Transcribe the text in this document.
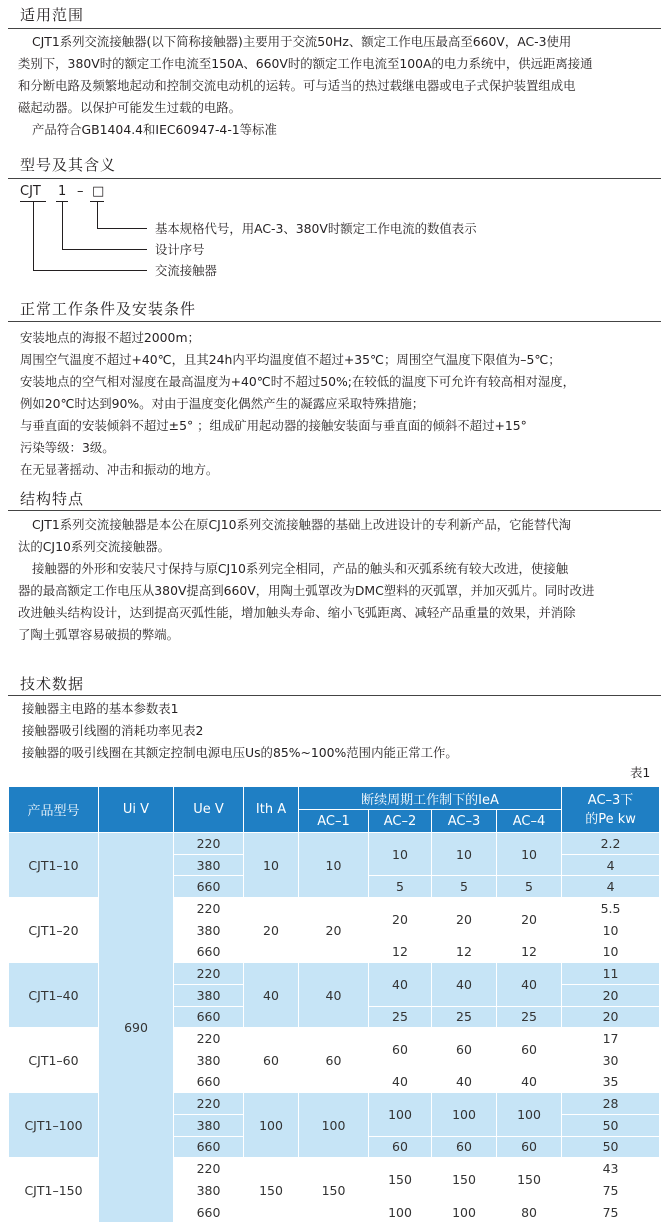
适用范围
CJT1系列交流接触器(以下简称接触器)主要用于交流50Hz、额定工作电压最高至660V，AC-3使用
类别下，380V时的额定工作电流至150A、660V时的额定工作电流至100A的电力系统中，供远距离接通
和分断电路及频繁地起动和控制交流电动机的运转。可与适当的热过载继电器或电子式保护装置组成电
磁起动器。以保护可能发生过载的电路。
产品符合GB1404.4和IEC60947-4-1等标准
型号及其含义
CJT 1 – □
基本规格代号，用AC-3、380V时额定工作电流的数值表示
设计序号
交流接触器
正常工作条件及安装条件
安装地点的海报不超过2000m；
周围空气温度不超过+40℃，且其24h内平均温度值不超过+35℃；周围空气温度下限值为–5℃；
安装地点的空气相对湿度在最高温度为+40℃时不超过50%;在较低的温度下可允许有较高相对湿度，
例如20℃时达到90%。对由于温度变化偶然产生的凝露应采取特殊措施；
与垂直面的安装倾斜不超过±5° ；组成矿用起动器的接触安装面与垂直面的倾斜不超过+15°
污染等级：3级。
在无显著摇动、冲击和振动的地方。
结构特点
CJT1系列交流接触器是本公在原CJ10系列交流接触器的基础上改进设计的专利新产品，它能替代淘
汰的CJ10系列交流接触器。
接触器的外形和安装尺寸保持与原CJ10系列完全相同，产品的触头和灭弧系统有较大改进，使接触
器的最高额定工作电压从380V提高到660V，用陶土弧罩改为DMC塑料的灭弧罩，并加灭弧片。同时改进
改进触头结构设计，达到提高灭弧性能，增加触头寿命、缩小飞弧距离、减轻产品重量的效果，并消除
了陶土弧罩容易破损的弊端。
技术数据
接触器主电路的基本参数表1
接触器吸引线圈的消耗功率见表2
接触器的吸引线圈在其额定控制电源电压Us的85%~100%范围内能正常工作。
表1
产品型号	Ui V	Ue V	Ith A	断续周期工作制下的IeA				AC–3下
的Pe kw
				AC–1	AC–2	AC–3	AC–4	
CJT1–10	690	220	10	10	10	10	10	2.2
		380						4
		660			5	5	5	4
CJT1–20		220	20	20	20	20	20	5.5
		380						10
		660			12	12	12	10
CJT1–40		220	40	40	40	40	40	11
		380						20
		660			25	25	25	20
CJT1–60		220	60	60	60	60	60	17
		380						30
		660			40	40	40	35
CJT1–100		220	100	100	100	100	100	28
		380						50
		660			60	60	60	50
CJT1–150		220	150	150	150	150	150	43
		380						75
		660			100	100	80	75
